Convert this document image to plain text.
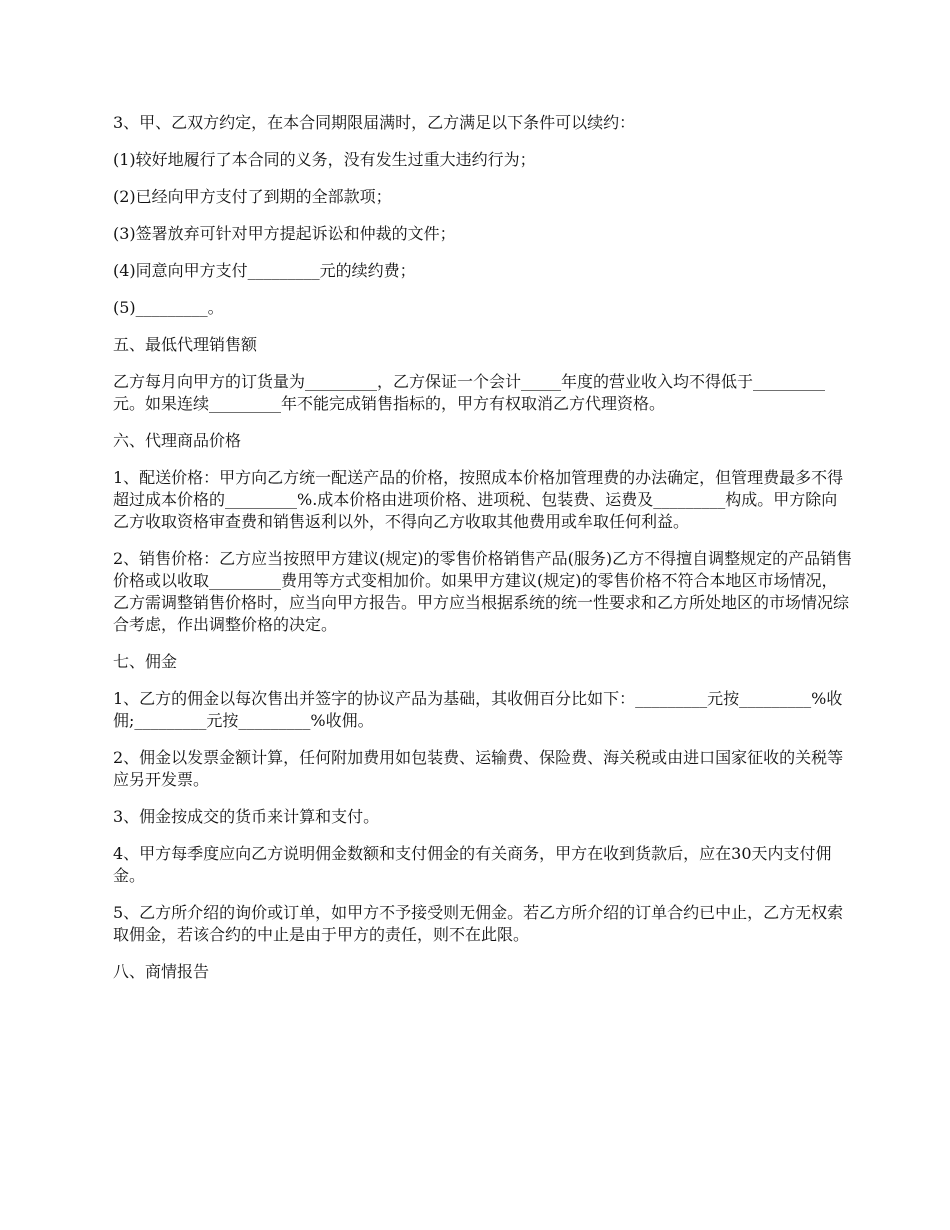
3、甲、乙双方约定，在本合同期限届满时，乙方满足以下条件可以续约：

(1)较好地履行了本合同的义务，没有发生过重大违约行为；

(2)已经向甲方支付了到期的全部款项；

(3)签署放弃可针对甲方提起诉讼和仲裁的文件；

(4)同意向甲方支付_________元的续约费；

(5)_________。

五、最低代理销售额

乙方每月向甲方的订货量为_________，乙方保证一个会计_____年度的营业收入均不得低于_________元。如果连续_________年不能完成销售指标的，甲方有权取消乙方代理资格。

六、代理商品价格

1、配送价格：甲方向乙方统一配送产品的价格，按照成本价格加管理费的办法确定，但管理费最多不得超过成本价格的_________%.成本价格由进项价格、进项税、包装费、运费及_________构成。甲方除向乙方收取资格审查费和销售返利以外，不得向乙方收取其他费用或牟取任何利益。

2、销售价格：乙方应当按照甲方建议(规定)的零售价格销售产品(服务)乙方不得擅自调整规定的产品销售价格或以收取_________费用等方式变相加价。如果甲方建议(规定)的零售价格不符合本地区市场情况，乙方需调整销售价格时，应当向甲方报告。甲方应当根据系统的统一性要求和乙方所处地区的市场情况综合考虑，作出调整价格的决定。

七、佣金

1、乙方的佣金以每次售出并签字的协议产品为基础，其收佣百分比如下：_________元按_________%收佣;_________元按_________%收佣。

2、佣金以发票金额计算，任何附加费用如包装费、运输费、保险费、海关税或由进口国家征收的关税等应另开发票。

3、佣金按成交的货币来计算和支付。

4、甲方每季度应向乙方说明佣金数额和支付佣金的有关商务，甲方在收到货款后，应在30天内支付佣金。

5、乙方所介绍的询价或订单，如甲方不予接受则无佣金。若乙方所介绍的订单合约已中止，乙方无权索取佣金，若该合约的中止是由于甲方的责任，则不在此限。

八、商情报告
